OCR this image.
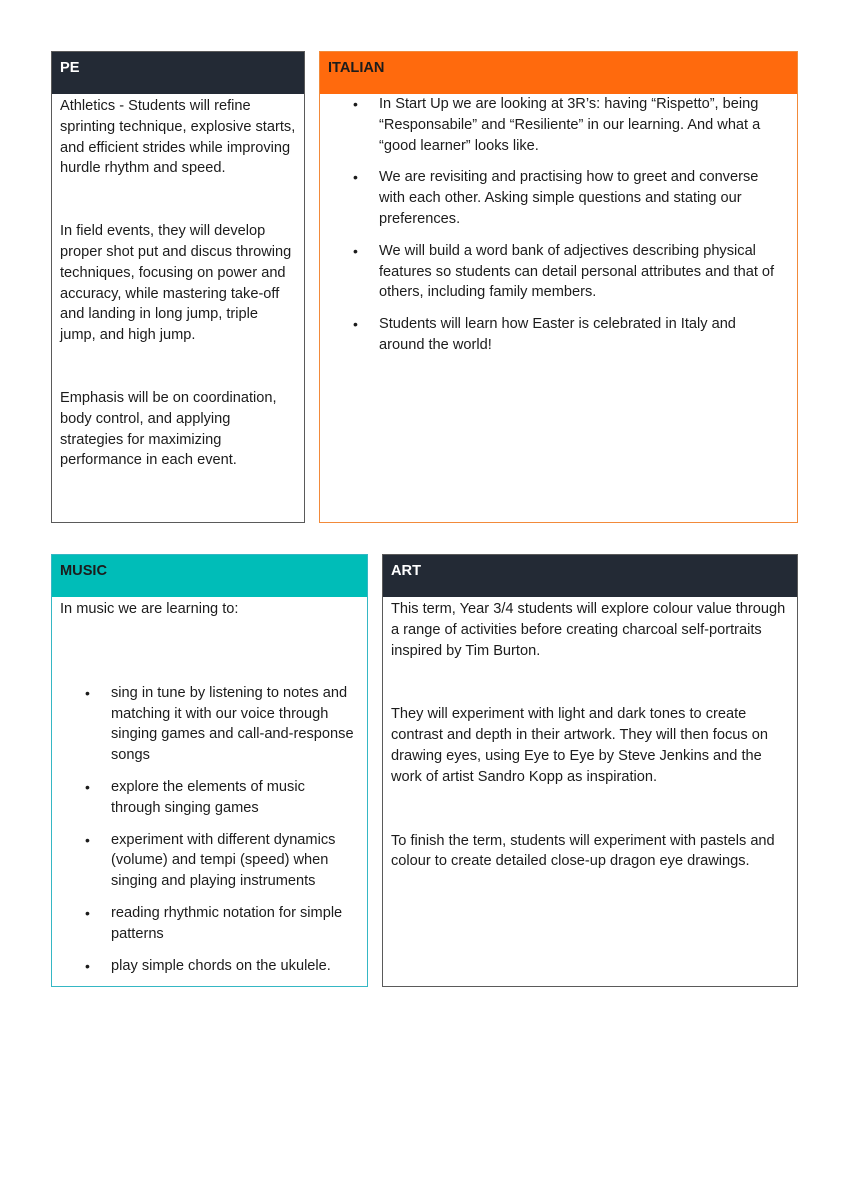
PE

Athletics - Students will refine sprinting technique, explosive starts, and efficient strides while improving hurdle rhythm and speed.

In field events, they will develop proper shot put and discus throwing techniques, focusing on power and accuracy, while mastering take-off and landing in long jump, triple jump, and high jump.

Emphasis will be on coordination, body control, and applying strategies for maximizing performance in each event.

ITALIAN
• In Start Up we are looking at 3R’s: having “Rispetto”, being “Responsabile” and “Resiliente” in our learning. And what a “good learner” looks like.
• We are revisiting and practising how to greet and converse with each other. Asking simple questions and stating our preferences.
• We will build a word bank of adjectives describing physical features so students can detail personal attributes and that of others, including family members.
• Students will learn how Easter is celebrated in Italy and around the world!
MUSIC

In music we are learning to:

• sing in tune by listening to notes and matching it with our voice through singing games and call-and-response songs
• explore the elements of music through singing games
• experiment with different dynamics (volume) and tempi (speed) when singing and playing instruments
• reading rhythmic notation for simple patterns
• play simple chords on the ukulele.
ART

This term, Year 3/4 students will explore colour value through a range of activities before creating charcoal self-portraits inspired by Tim Burton.

They will experiment with light and dark tones to create contrast and depth in their artwork. They will then focus on drawing eyes, using Eye to Eye by Steve Jenkins and the work of artist Sandro Kopp as inspiration.

To finish the term, students will experiment with pastels and colour to create detailed close-up dragon eye drawings.
